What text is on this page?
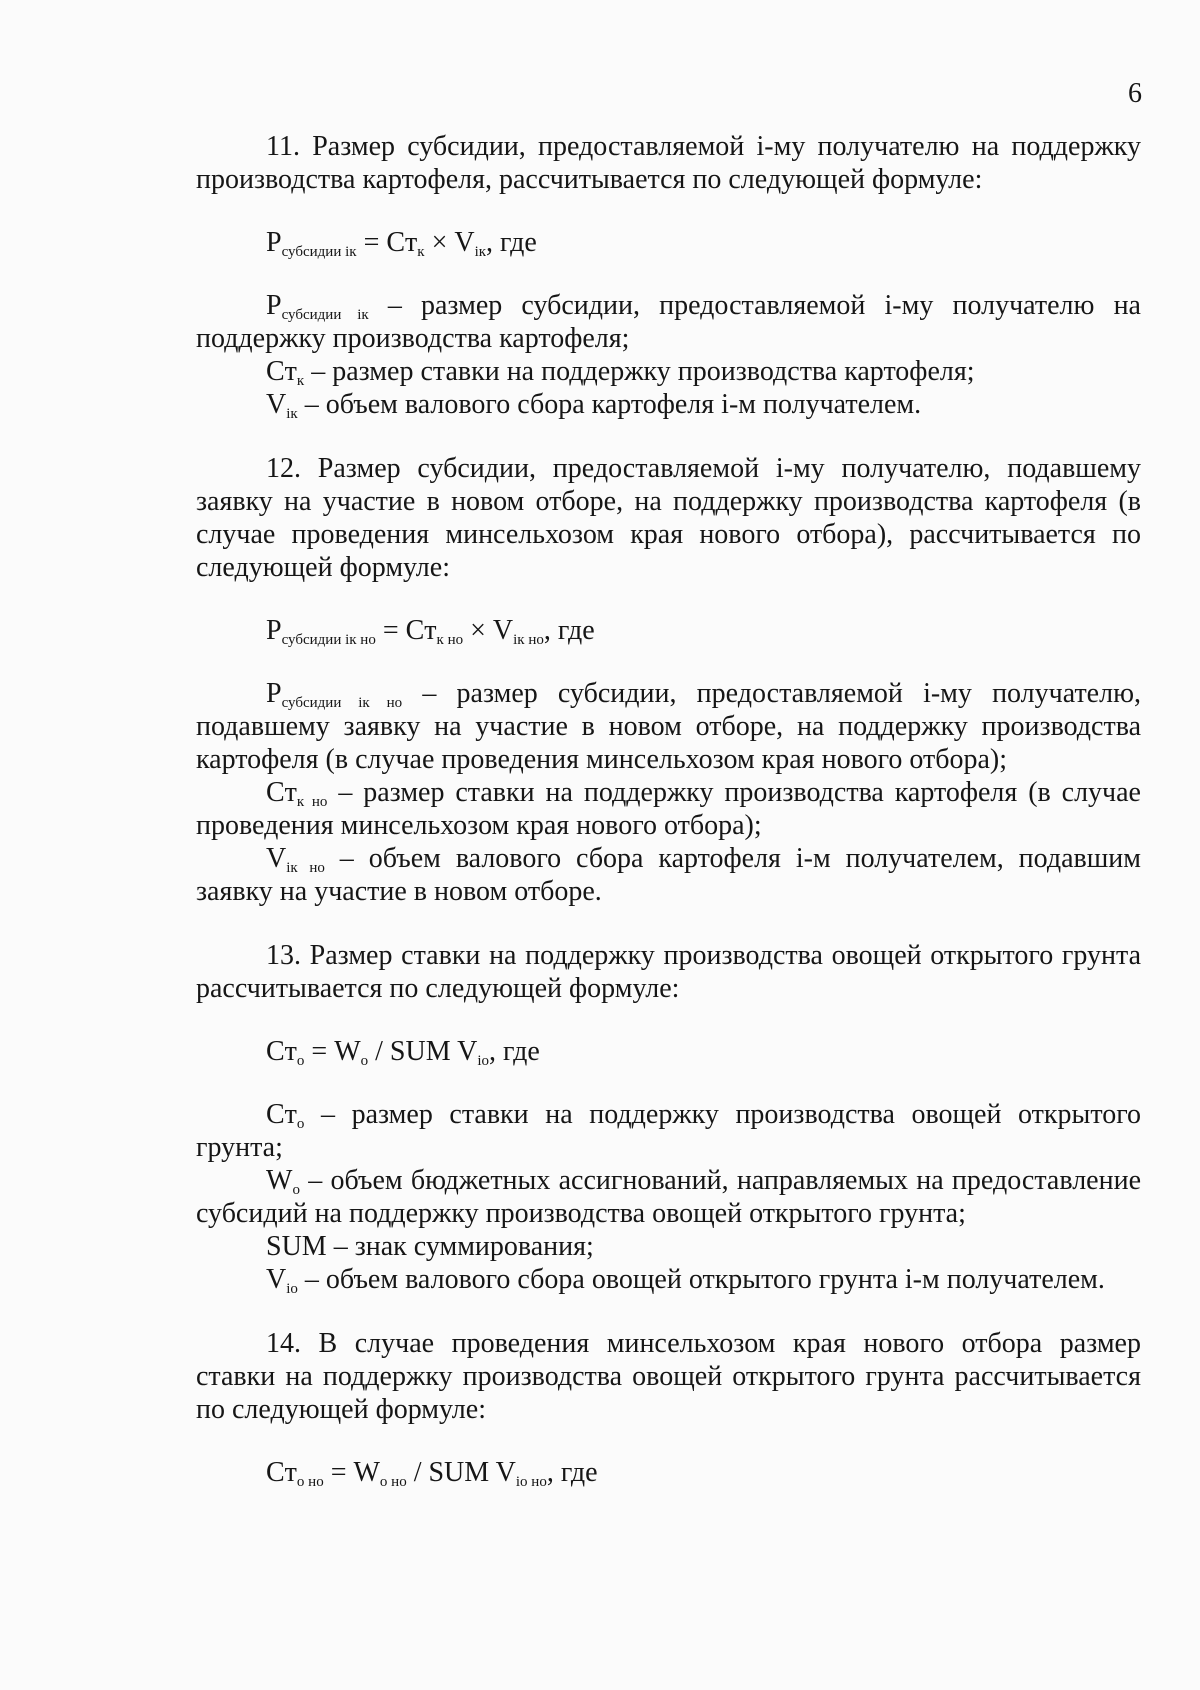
6

11. Размер субсидии, предоставляемой i-му получателю на поддержку производства картофеля, рассчитывается по следующей формуле:

$P_{субсидии iк} = Cт_к \times V_{iк}$, где

$P_{субсидии iк}$ – размер субсидии, предоставляемой i-му получателю на поддержку производства картофеля;

$Cт_к$ – размер ставки на поддержку производства картофеля;

$V_{iк}$ – объем валового сбора картофеля i-м получателем.

12. Размер субсидии, предоставляемой i-му получателю, подавшему заявку на участие в новом отборе, на поддержку производства картофеля (в случае проведения минсельхозом края нового отбора), рассчитывается по следующей формуле:

$P_{субсидии iк но} = Cт_{к но} \times V_{iк но}$, где

$P_{субсидии iк но}$ – размер субсидии, предоставляемой i-му получателю, подавшему заявку на участие в новом отборе, на поддержку производства картофеля (в случае проведения минсельхозом края нового отбора);

$Cт_{к но}$ – размер ставки на поддержку производства картофеля (в случае проведения минсельхозом края нового отбора);

$V_{iк но}$ – объем валового сбора картофеля i-м получателем, подавшим заявку на участие в новом отборе.

13. Размер ставки на поддержку производства овощей открытого грунта рассчитывается по следующей формуле:

$Cт_о = W_о$ / SUM $V_{iо}$, где

$Cт_о$ – размер ставки на поддержку производства овощей открытого грунта;

$W_о$ – объем бюджетных ассигнований, направляемых на предоставление субсидий на поддержку производства овощей открытого грунта;

SUM – знак суммирования;

$V_{iо}$ – объем валового сбора овощей открытого грунта i-м получателем.

14. В случае проведения минсельхозом края нового отбора размер ставки на поддержку производства овощей открытого грунта рассчитывается по следующей формуле:

$Cт_{о но} = W_{о но}$ / SUM $V_{iо но}$, где
